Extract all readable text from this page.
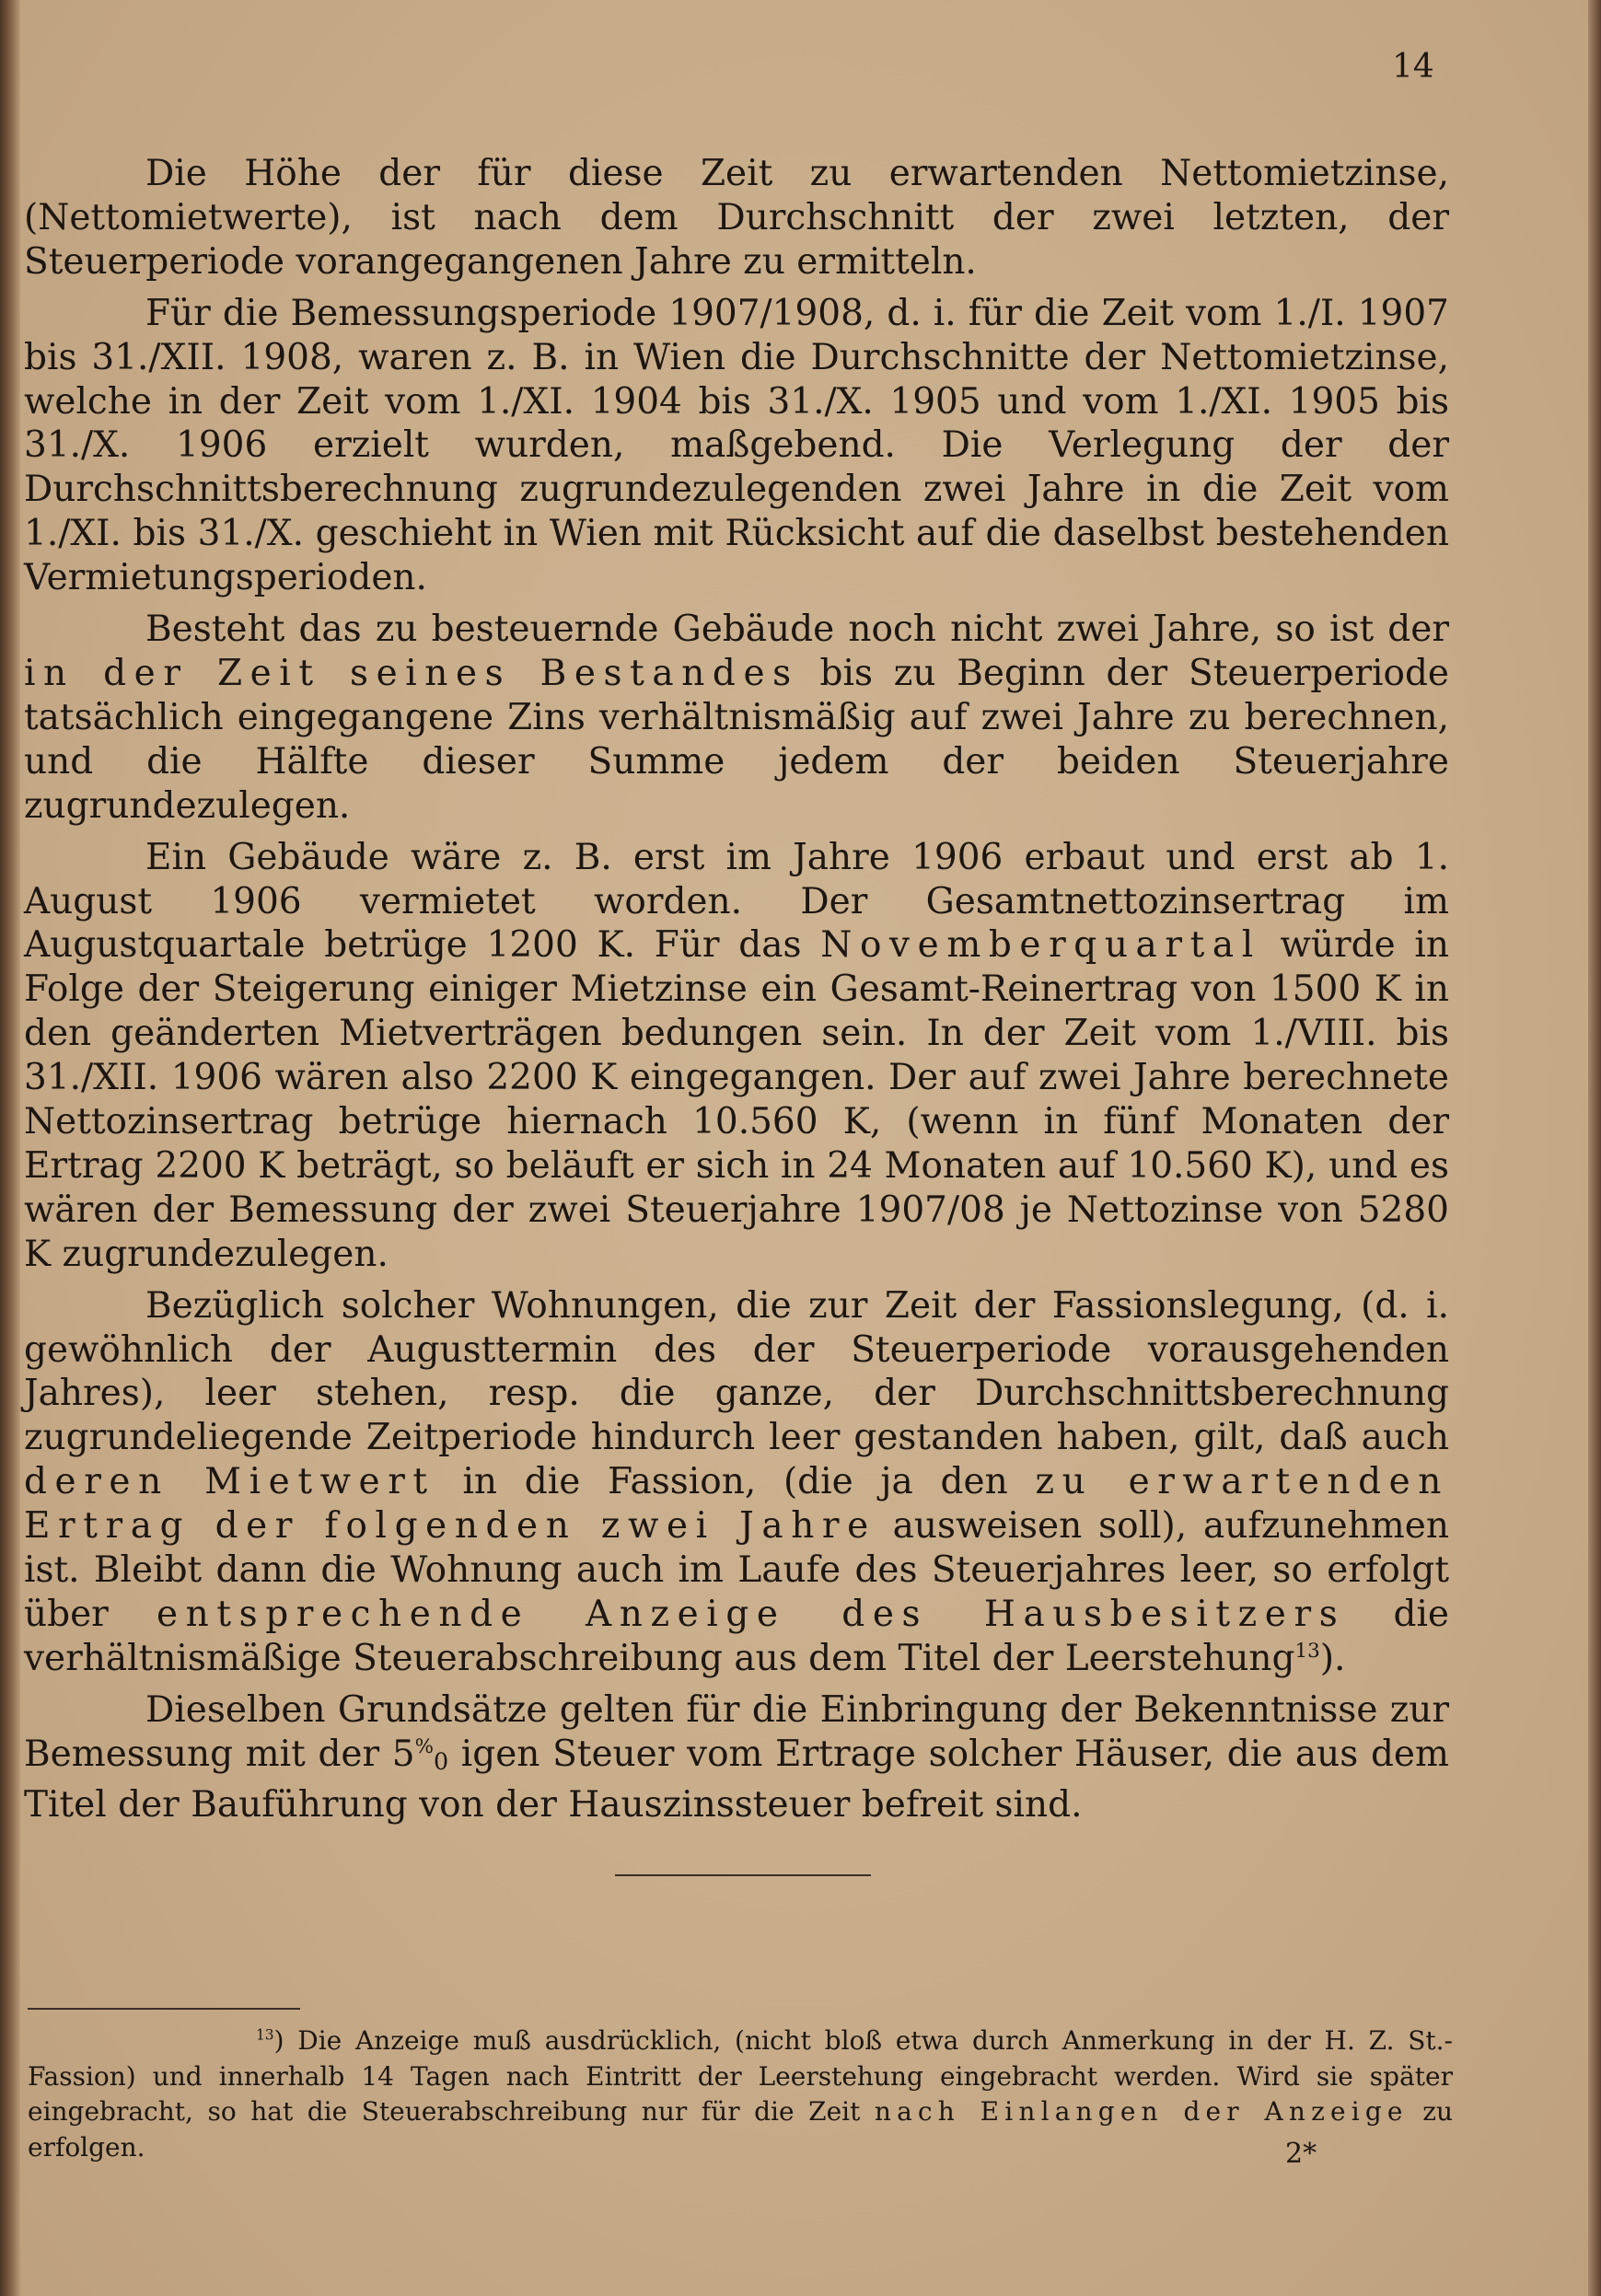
14

Die Höhe der für diese Zeit zu erwartenden Nettomietzinse, (Nettomietwerte), ist nach dem Durchschnitt der zwei letzten, der Steuerperiode vorangegangenen Jahre zu ermitteln.

Für die Bemessungsperiode 1907/1908, d. i. für die Zeit vom 1./I. 1907 bis 31./XII. 1908, waren z. B. in Wien die Durchschnitte der Nettomietzinse, welche in der Zeit vom 1./XI. 1904 bis 31./X. 1905 und vom 1./XI. 1905 bis 31./X. 1906 erzielt wurden, maßgebend. Die Verlegung der der Durchschnittsberechnung zugrundezulegenden zwei Jahre in die Zeit vom 1./XI. bis 31./X. geschieht in Wien mit Rücksicht auf die daselbst bestehenden Vermietungsperioden.

Besteht das zu besteuernde Gebäude noch nicht zwei Jahre, so ist der in der Zeit seines Bestandes bis zu Beginn der Steuerperiode tatsächlich eingegangene Zins verhältnismäßig auf zwei Jahre zu berechnen, und die Hälfte dieser Summe jedem der beiden Steuerjahre zugrundezulegen.

Ein Gebäude wäre z. B. erst im Jahre 1906 erbaut und erst ab 1. August 1906 vermietet worden. Der Gesamtnettozinsertrag im Augustquartale betrüge 1200 K. Für das Novemberquartal würde in Folge der Steigerung einiger Mietzinse ein Gesamt-Reinertrag von 1500 K in den geänderten Mietverträgen bedungen sein. In der Zeit vom 1./VIII. bis 31./XII. 1906 wären also 2200 K eingegangen. Der auf zwei Jahre berechnete Nettozinsertrag betrüge hiernach 10.560 K, (wenn in fünf Monaten der Ertrag 2200 K beträgt, so beläuft er sich in 24 Monaten auf 10.560 K), und es wären der Bemessung der zwei Steuerjahre 1907/08 je Nettozinse von 5280 K zugrundezulegen.

Bezüglich solcher Wohnungen, die zur Zeit der Fassionslegung, (d. i. gewöhnlich der Augusttermin des der Steuerperiode vorausgehenden Jahres), leer stehen, resp. die ganze, der Durchschnittsberechnung zugrundeliegende Zeitperiode hindurch leer gestanden haben, gilt, daß auch deren Mietwert in die Fassion, (die ja den zu erwartenden Ertrag der folgenden zwei Jahre ausweisen soll), aufzunehmen ist. Bleibt dann die Wohnung auch im Laufe des Steuerjahres leer, so erfolgt über entsprechende Anzeige des Hausbesitzers die verhältnismäßige Steuerabschreibung aus dem Titel der Leerstehung$^{13}$).

Dieselben Grundsätze gelten für die Einbringung der Bekenntnisse zur Bemessung mit der 5%0 igen Steuer vom Ertrage solcher Häuser, die aus dem Titel der Bauführung von der Hauszinssteuer befreit sind.

$^{13}$) Die Anzeige muß ausdrücklich, (nicht bloß etwa durch Anmerkung in der H. Z. St.-Fassion) und innerhalb 14 Tagen nach Eintritt der Leerstehung eingebracht werden. Wird sie später eingebracht, so hat die Steuerabschreibung nur für die Zeit nach Einlangen der Anzeige zu erfolgen.	2*
